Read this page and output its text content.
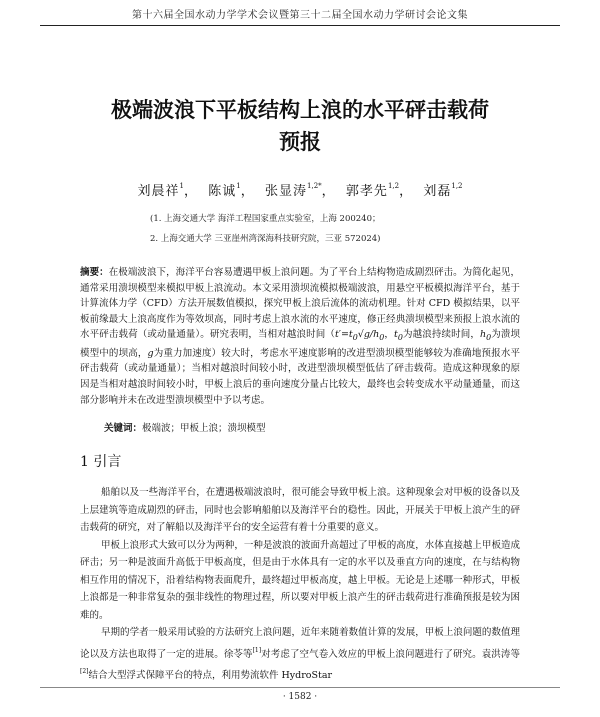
第十六届全国水动力学学术会议暨第三十二届全国水动力学研讨会论文集
极端波浪下平板结构上浪的水平砰击载荷
预报
刘晨祥$^1$，  陈诚$^1$，  张显涛$^{1,2*}$，  郭孝先$^{1,2}$，  刘磊$^{1,2}$
(1. 上海交通大学 海洋工程国家重点实验室，上海 200240；
2. 上海交通大学 三亚崖州湾深海科技研究院，三亚 572024)
摘要：在极端波浪下，海洋平台容易遭遇甲板上浪问题。为了平台上结构物造成剧烈砰击。为简化起见，通常采用溃坝模型来模拟甲板上浪流动。本文采用溃坝流模拟极端波浪，用悬空平板模拟海洋平台，基于计算流体力学（CFD）方法开展数值模拟，探究甲板上浪后流体的流动机理。针对 CFD 模拟结果，以平板前缘最大上浪高度作为等效坝高，同时考虑上浪水流的水平速度，修正经典溃坝模型来预报上浪水流的水平砰击载荷（或动量通量）。研究表明，当相对越浪时间（$t'=t_0√g/h_0$，$t_0$为越浪持续时间，$h_0$为溃坝模型中的坝高，g为重力加速度）较大时，考虑水平速度影响的改进型溃坝模型能够较为准确地预报水平砰击载荷（或动量通量）；当相对越浪时间较小时，改进型溃坝模型低估了砰击载荷。造成这种现象的原因是当相对越浪时间较小时，甲板上浪后的垂向速度分量占比较大，最终也会转变成水平动量通量，而这部分影响并未在改进型溃坝模型中予以考虑。
关键词：极端波；甲板上浪；溃坝模型
1 引言

船舶以及一些海洋平台，在遭遇极端波浪时，很可能会导致甲板上浪。这种现象会对甲板的设备以及上层建筑等造成剧烈的砰击，同时也会影响船舶以及海洋平台的稳性。因此，开展关于甲板上浪产生的砰击载荷的研究，对了解船以及海洋平台的安全运营有着十分重要的意义。

甲板上浪形式大致可以分为两种，一种是波浪的波面升高超过了甲板的高度，水体直接越上甲板造成砰击；另一种是波面升高低于甲板高度，但是由于水体具有一定的水平以及垂直方向的速度，在与结构物相互作用的情况下，沿着结构物表面爬升，最终超过甲板高度，越上甲板。无论是上述哪一种形式，甲板上浪都是一种非常复杂的强非线性的物理过程，所以要对甲板上浪产生的砰击载荷进行准确预报是较为困难的。

早期的学者一般采用试验的方法研究上浪问题，近年来随着数值计算的发展，甲板上浪问题的数值理论以及方法也取得了一定的进展。徐苓等[1]对考虑了空气卷入效应的甲板上浪问题进行了研究。袁洪涛等[2]结合大型浮式保障平台的特点，利用势流软件 HydroStar

· 1582 ·
